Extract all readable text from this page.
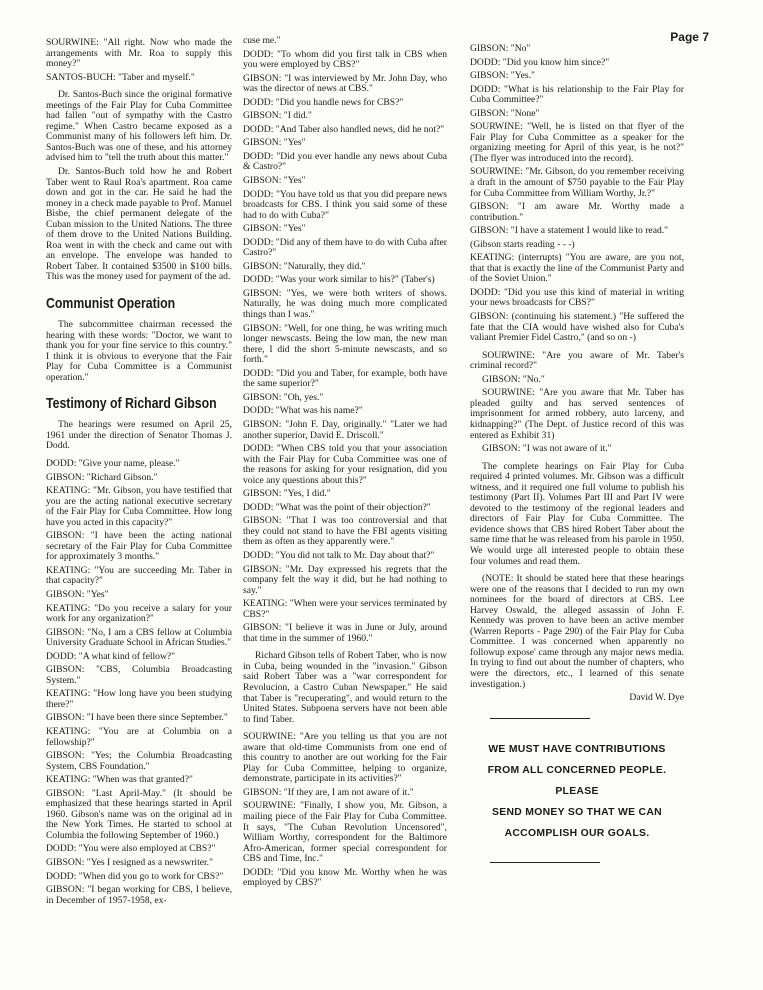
Page 7

SOURWINE: "All right. Now who made the arrangements with Mr. Roa to supply this money?"

SANTOS-BUCH: "Taber and myself."

Dr. Santos-Buch since the original formative meetings of the Fair Play for Cuba Committee had fallen "out of sympathy with the Castro regime." When Castro became exposed as a Communist many of his followers left him. Dr. Santos-Buch was one of these, and his attorney advised him to "tell the truth about this matter."

Dr. Santos-Buch told how he and Robert Taber went to Raul Roa's apartment. Roa came down and got in the car. He said he had the money in a check made payable to Prof. Manuel Bisbe, the chief permanent delegate of the Cuban mission to the United Nations. The three of them drove to the United Nations Building. Roa went in with the check and came out with an envelope. The envelope was handed to Robert Taber. It contained $3500 in $100 bills. This was the money used for payment of the ad.

Communist Operation

The subcommittee chairman recessed the hearing with these words: "Doctor, we want to thank you for your fine service to this country." I think it is obvious to everyone that the Fair Play for Cuba Committee is a Communist operation."

Testimony of Richard Gibson

The hearings were resumed on April 25, 1961 under the direction of Senator Thomas J. Dodd.

DODD: "Give your name, please."

GIBSON: "Richard Gibson."

KEATING: "Mr. Gibson, you have testified that you are the acting national executive secretary of the Fair Play for Cuba Committee. How long have you acted in this capacity?"

GIBSON: "I have been the acting national secretary of the Fair Play for Cuba Committee for approximately 3 months."

KEATING: "You are succeeding Mr. Taber in that capacity?"

GIBSON: "Yes"

KEATING: "Do you receive a salary for your work for any organization?"

GIBSON: "No, I am a CBS fellow at Columbia University Graduate School in African Studies."

DODD: "A what kind of fellow?"

GIBSON: "CBS, Columbia Broadcasting System."

KEATING: "How long have you been studying there?"

GIBSON: "I have been there since September."

KEATING: "You are at Columbia on a fellowship?"

GIBSON: "Yes; the Columbia Broadcasting System, CBS Foundation."

KEATING: "When was that granted?"

GIBSON: "Last April-May." (It should be emphasized that these hearings started in April 1960. Gibson's name was on the original ad in the New York Times. He started to school at Columbia the following September of 1960.)

DODD: "You were also employed at CBS?"

GIBSON: "Yes I resigned as a newswriter."

DODD: "When did you go to work for CBS?"

GIBSON: "I began working for CBS, I believe, in December of 1957-1958, ex-

cuse me."

DODD: "To whom did you first talk in CBS when you were employed by CBS?"

GIBSON: "I was interviewed by Mr. John Day, who was the director of news at CBS."

DODD: "Did you handle news for CBS?"

GIBSON: "I did."

DODD: "And Taber also handled news, did he not?"

GIBSON: "Yes"

DODD: "Did you ever handle any news about Cuba & Castro?"

GIBSON: "Yes"

DODD: "You have told us that you did prepare news broadcasts for CBS. I think you said some of these had to do with Cuba?"

GIBSON: "Yes"

DODD: "Did any of them have to do with Cuba after Castro?"

GIBSON: "Naturally, they did."

DODD: "Was your work similar to his?" (Taber's)

GIBSON: "Yes, we were both writers of shows. Naturally, he was doing much more complicated things than I was."

GIBSON: "Well, for one thing, he was writing much longer newscasts. Being the low man, the new man there, I did the short 5-minute newscasts, and so forth."

DODD: "Did you and Taber, for example, both have the same superior?"

GIBSON: "Oh, yes."

DODD: "What was his name?"

GIBSON: "John F. Day, originally." "Later we had another superior, David E. Driscoll."

DODD: "When CBS told you that your association with the Fair Play for Cuba Committee was one of the reasons for asking for your resignation, did you voice any questions about this?"

GIBSON: "Yes, I did."

DODD: "What was the point of their objection?"

GIBSON: "That I was too controversial and that they could not stand to have the FBI agents visiting them as often as they apparently were."

DODD: "You did not talk to Mr. Day about that?"

GIBSON: "Mr. Day expressed his regrets that the company felt the way it did, but he had nothing to say."

KEATING: "When were your services terminated by CBS?"

GIBSON: "I believe it was in June or July, around that time in the summer of 1960."

Richard Gibson tells of Robert Taber, who is now in Cuba, being wounded in the "invasion." Gibson said Robert Taber was a "war correspondent for Revolucion, a Castro Cuban Newspaper." He said that Taber is "recuperating", and would return to the United States. Subpoena servers have not been able to find Taber.

SOURWINE: "Are you telling us that you are not aware that old-time Communists from one end of this country to another are out working for the Fair Play for Cuba Committee, helping to organize, demonstrate, participate in its activities?"

GIBSON: "If they are, I am not aware of it."

SOURWINE: "Finally, I show you, Mr. Gibson, a mailing piece of the Fair Play for Cuba Committee. It says, "The Cuban Revolution Uncensored", William Worthy, correspondent for the Baltimore Afro-American, former special correspondent for CBS and Time, Inc."

DODD: "Did you know Mr. Worthy when he was employed by CBS?"

GIBSON: "No"

DODD: "Did you know him since?"

GIBSON: "Yes."

DODD: "What is his relationship to the Fair Play for Cuba Committee?"

GIBSON: "None"

SOURWINE: "Well, he is listed on that flyer of the Fair Play for Cuba Committee as a speaker for the organizing meeting for April of this year, is he not?" (The flyer was introduced into the record).

SOURWINE: "Mr. Gibson, do you remember receiving a draft in the amount of $750 payable to the Fair Play for Cuba Committee from William Worthy, Jr.?"

GIBSON: "I am aware Mr. Worthy made a contribution."

GIBSON: "I have a statement I would like to read."

(Gibson starts reading - - -)

KEATING: (interrupts) "You are aware, are you not, that that is exactly the line of the Communist Party and of the Soviet Union."

DODD: "Did you use this kind of material in writing your news broadcasts for CBS?"

GIBSON: (continuing his statement.) "He suffered the fate that the CIA would have wished also for Cuba's valiant Premier Fidel Castro," (and so on -)

SOURWINE: "Are you aware of Mr. Taber's criminal record?"

GIBSON: "No."

SOURWINE: "Are you aware that Mr. Taber has pleaded guilty and has served sentences of imprisonment for armed robbery, auto larceny, and kidnapping?" (The Dept. of Justice record of this was entered as Exhibit 31)

GIBSON: "I was not aware of it."

The complete hearings on Fair Play for Cuba required 4 printed volumes. Mr. Gibson was a difficult witness, and it required one full volume to publish his testimony (Part II). Volumes Part III and Part IV were devoted to the testimony of the regional leaders and directors of Fair Play for Cuba Committee. The evidence shows that CBS hired Robert Taber about the same time that he was released from his parole in 1950. We would urge all interested people to obtain these four volumes and read them.

(NOTE: It should be stated here that these hearings were one of the reasons that I decided to run my own nominees for the board of directors at CBS. Lee Harvey Oswald, the alleged assassin of John F. Kennedy was proven to have been an active member (Warren Reports - Page 290) of the Fair Play for Cuba Committee. I was concerned when apparently no followup expose' came through any major news media. In trying to find out about the number of chapters, who were the directors, etc., I learned of this senate investigation.)

David W. Dye
WE MUST HAVE CONTRIBUTIONS
FROM ALL CONCERNED PEOPLE. PLEASE
SEND MONEY SO THAT WE CAN
ACCOMPLISH OUR GOALS.
